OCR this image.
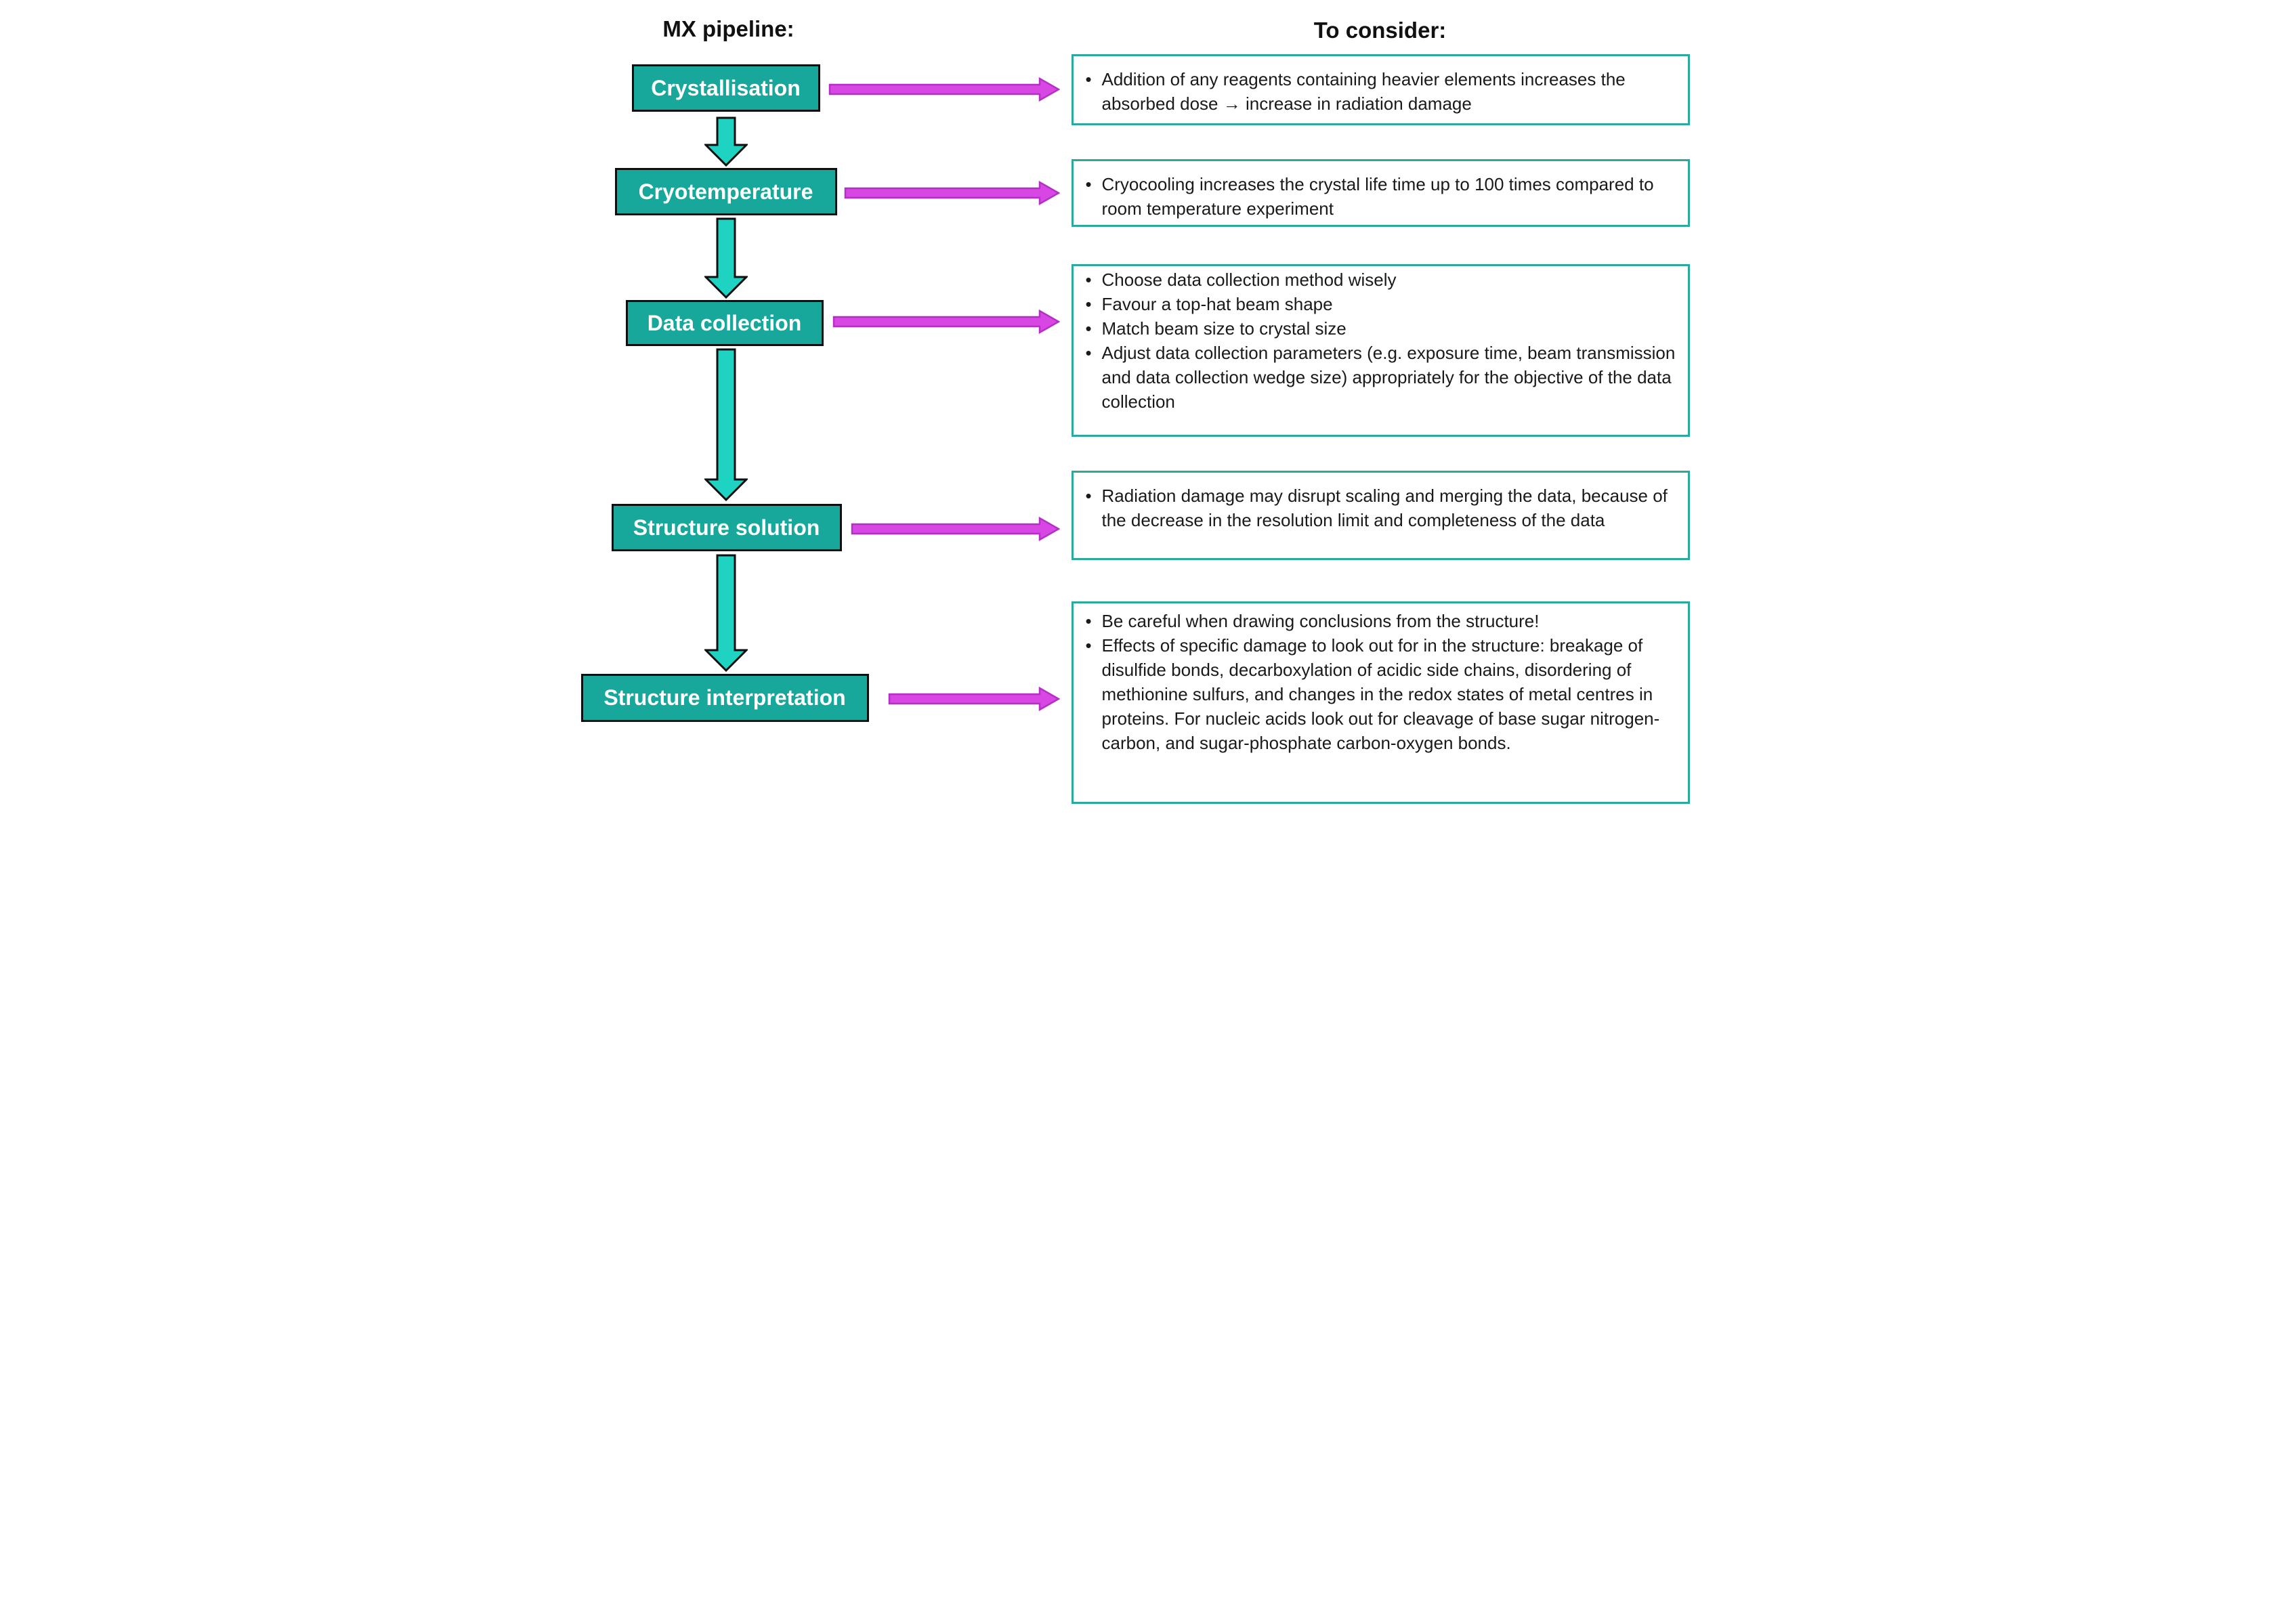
MX pipeline:	To consider:
Crystallisation
Cryotemperature
Data collection
Structure solution
Structure interpretation
• Addition of any reagents containing heavier elements increases the absorbed dose → increase in radiation damage
• Cryocooling increases the crystal life time up to 100 times compared to room temperature experiment
• Choose data collection method wisely
• Favour a top-hat beam shape
• Match beam size to crystal size
• Adjust data collection parameters (e.g. exposure time, beam transmission and data collection wedge size) appropriately for the objective of the data collection
• Radiation damage may disrupt scaling and merging the data, because of the decrease in the resolution limit and completeness of the data
• Be careful when drawing conclusions from the structure!
• Effects of specific damage to look out for in the structure: breakage of disulfide bonds, decarboxylation of acidic side chains, disordering of methionine sulfurs, and changes in the redox states of metal centres in proteins. For nucleic acids look out for cleavage of base sugar nitrogen-carbon, and sugar-phosphate carbon-oxygen bonds.
